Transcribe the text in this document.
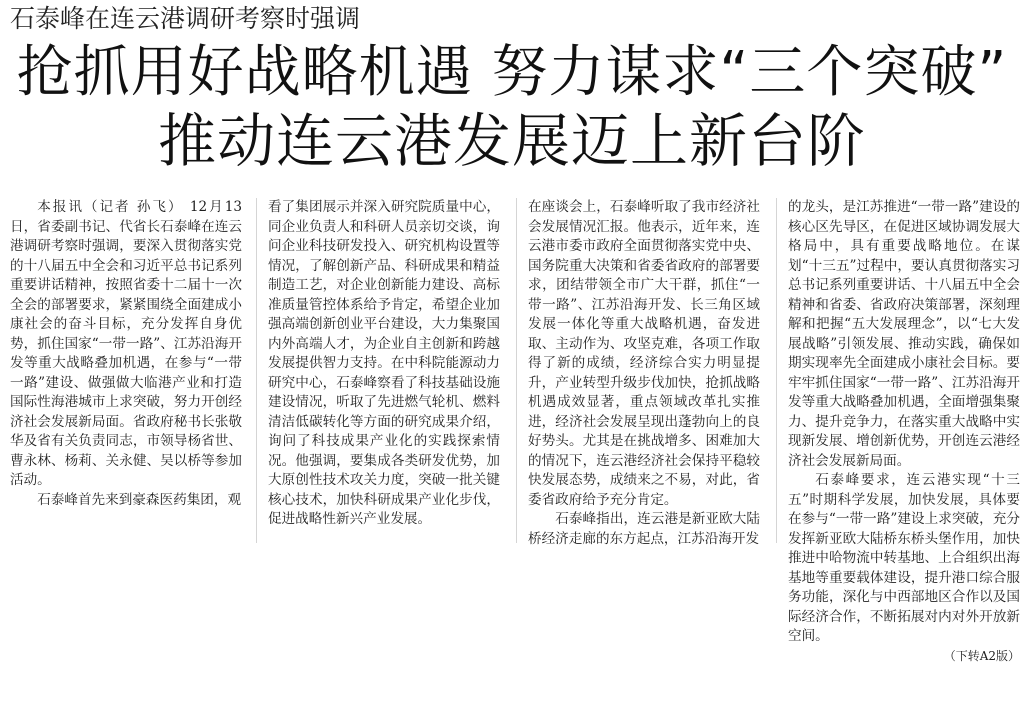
石泰峰在连云港调研考察时强调
抢抓用好战略机遇 努力谋求“三个突破”
推动连云港发展迈上新台阶

本报讯（记者 孙飞） 12月13日，省委副书记、代省长石泰峰在连云港调研考察时强调，要深入贯彻落实党的十八届五中全会和习近平总书记系列重要讲话精神，按照省委十二届十一次全会的部署要求，紧紧围绕全面建成小康社会的奋斗目标，充分发挥自身优势，抓住国家“一带一路”、江苏沿海开发等重大战略叠加机遇，在参与“一带一路”建设、做强做大临港产业和打造国际性海港城市上求突破，努力开创经济社会发展新局面。省政府秘书长张敬华及省有关负责同志，市领导杨省世、曹永林、杨莉、关永健、吴以桥等参加活动。

石泰峰首先来到豪森医药集团，观

看了集团展示并深入研究院质量中心，同企业负责人和科研人员亲切交谈，询问企业科技研发投入、研究机构设置等情况，了解创新产品、科研成果和精益制造工艺，对企业创新能力建设、高标准质量管控体系给予肯定，希望企业加强高端创新创业平台建设，大力集聚国内外高端人才，为企业自主创新和跨越发展提供智力支持。在中科院能源动力研究中心，石泰峰察看了科技基础设施建设情况，听取了先进燃气轮机、燃料清洁低碳转化等方面的研究成果介绍，询问了科技成果产业化的实践探索情况。他强调，要集成各类研发优势，加大原创性技术攻关力度，突破一批关键核心技术，加快科研成果产业化步伐，促进战略性新兴产业发展。

在座谈会上，石泰峰听取了我市经济社会发展情况汇报。他表示，近年来，连云港市委市政府全面贯彻落实党中央、国务院重大决策和省委省政府的部署要求，团结带领全市广大干群，抓住“一带一路”、江苏沿海开发、长三角区域发展一体化等重大战略机遇，奋发进取、主动作为、攻坚克难，各项工作取得了新的成绩，经济综合实力明显提升，产业转型升级步伐加快，抢抓战略机遇成效显著，重点领域改革扎实推进，经济社会发展呈现出蓬勃向上的良好势头。尤其是在挑战增多、困难加大的情况下，连云港经济社会保持平稳较快发展态势，成绩来之不易，对此，省委省政府给予充分肯定。

石泰峰指出，连云港是新亚欧大陆桥经济走廊的东方起点，江苏沿海开发

的龙头，是江苏推进“一带一路”建设的核心区先导区，在促进区域协调发展大格局中，具有重要战略地位。在谋划“十三五”过程中，要认真贯彻落实习总书记系列重要讲话、十八届五中全会精神和省委、省政府决策部署，深刻理解和把握“五大发展理念”，以“七大发展战略”引领发展、推动实践，确保如期实现率先全面建成小康社会目标。要牢牢抓住国家“一带一路”、江苏沿海开发等重大战略叠加机遇，全面增强集聚力、提升竞争力，在落实重大战略中实现新发展、增创新优势，开创连云港经济社会发展新局面。

石泰峰要求，连云港实现“十三五”时期科学发展，加快发展，具体要在参与“一带一路”建设上求突破，充分发挥新亚欧大陆桥东桥头堡作用，加快推进中哈物流中转基地、上合组织出海基地等重要载体建设，提升港口综合服务功能，深化与中西部地区合作以及国际经济合作，不断拓展对内对外开放新空间。

（下转A2版）
